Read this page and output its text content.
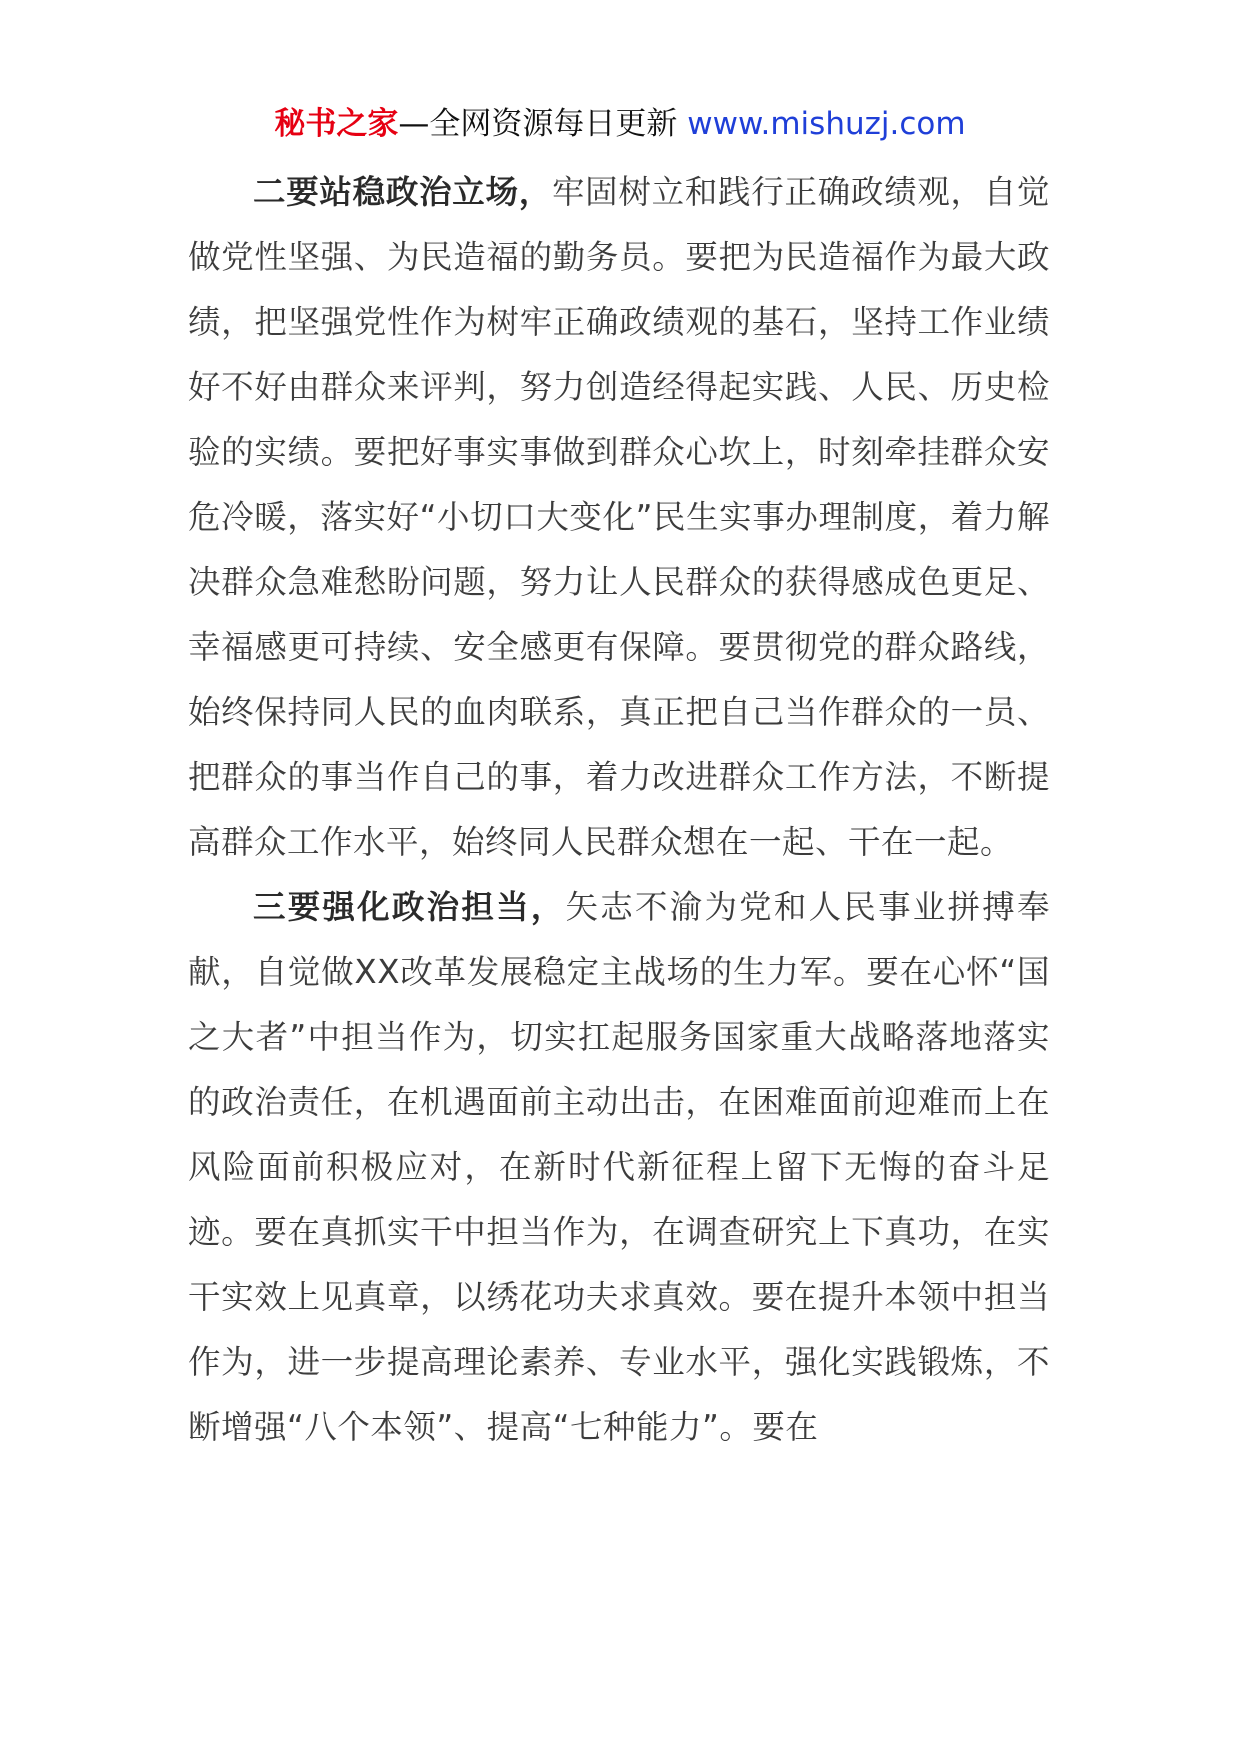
秘书之家—全网资源每日更新 www.mishuzj.com

二要站稳政治立场，牢固树立和践行正确政绩观，自觉做党性坚强、为民造福的勤务员。要把为民造福作为最大政绩，把坚强党性作为树牢正确政绩观的基石，坚持工作业绩好不好由群众来评判，努力创造经得起实践、人民、历史检验的实绩。要把好事实事做到群众心坎上，时刻牵挂群众安危冷暖，落实好“小切口大变化”民生实事办理制度，着力解决群众急难愁盼问题，努力让人民群众的获得感成色更足、幸福感更可持续、安全感更有保障。要贯彻党的群众路线，始终保持同人民的血肉联系，真正把自己当作群众的一员、把群众的事当作自己的事，着力改进群众工作方法，不断提高群众工作水平，始终同人民群众想在一起、干在一起。

三要强化政治担当，矢志不渝为党和人民事业拼搏奉献，自觉做XX改革发展稳定主战场的生力军。要在心怀“国之大者”中担当作为，切实扛起服务国家重大战略落地落实的政治责任，在机遇面前主动出击，在困难面前迎难而上在风险面前积极应对，在新时代新征程上留下无悔的奋斗足迹。要在真抓实干中担当作为，在调查研究上下真功，在实干实效上见真章，以绣花功夫求真效。要在提升本领中担当作为，进一步提高理论素养、专业水平，强化实践锻炼，不断增强“八个本领”、提高“七种能力”。要在
